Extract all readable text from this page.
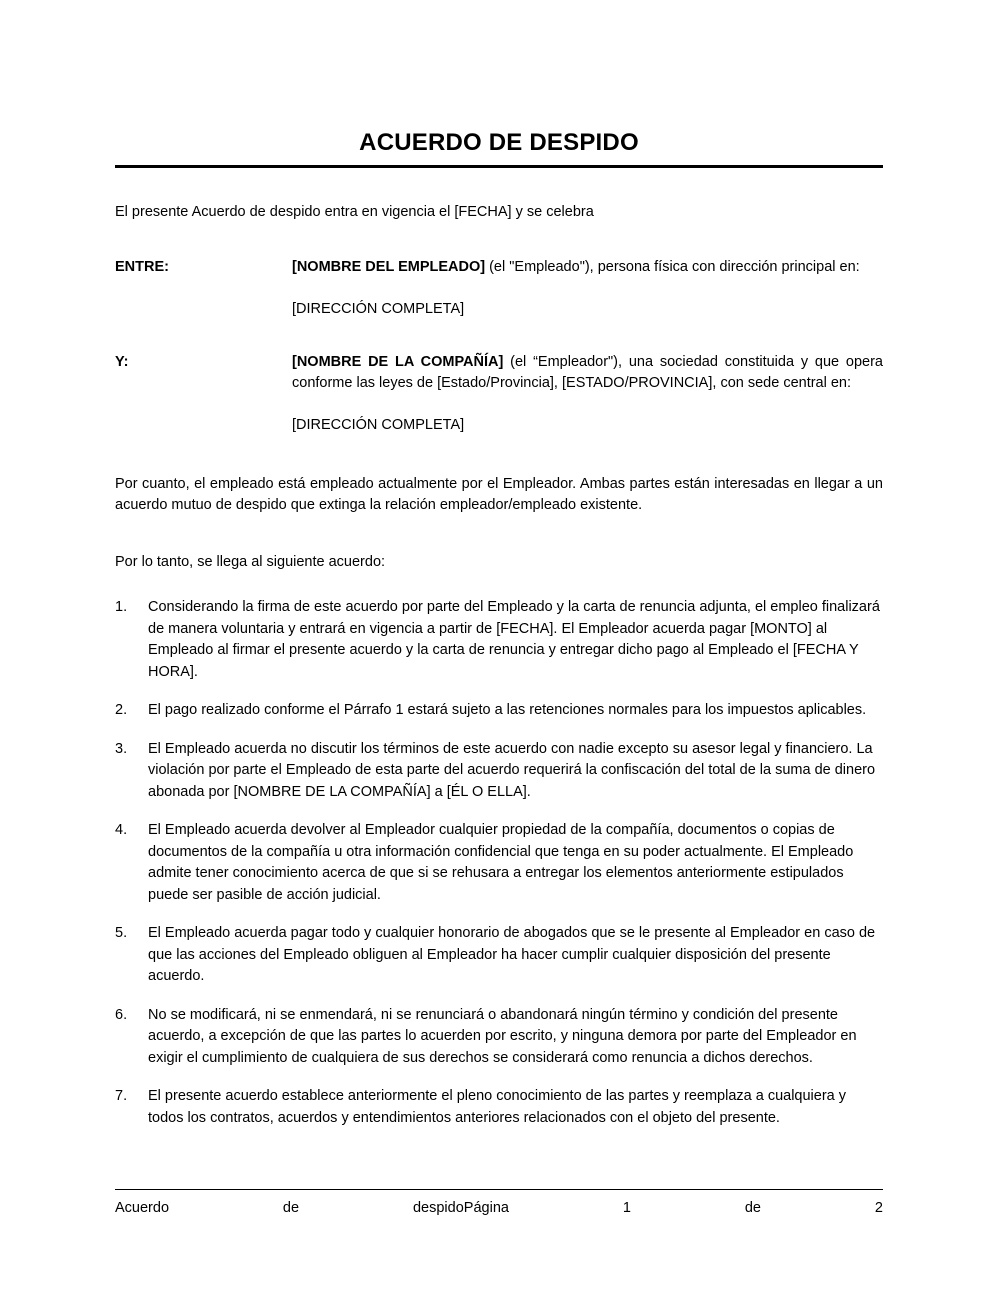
ACUERDO DE DESPIDO

El presente Acuerdo de despido entra en vigencia el [FECHA] y se celebra

ENTRE:	[NOMBRE DEL EMPLEADO] (el "Empleado"), persona física con dirección principal en:
[DIRECCIÓN COMPLETA]
Y:	[NOMBRE DE LA COMPAÑÍA] (el “Empleador"), una sociedad constituida y que opera conforme las leyes de [Estado/Provincia], [ESTADO/PROVINCIA], con sede central en:
[DIRECCIÓN COMPLETA]

Por cuanto, el empleado está empleado actualmente por el Empleador. Ambas partes están interesadas en llegar a un acuerdo mutuo de despido que extinga la relación empleador/empleado existente.

Por lo tanto, se llega al siguiente acuerdo:

1.	Considerando la firma de este acuerdo por parte del Empleado y la carta de renuncia adjunta, el empleo finalizará de manera voluntaria y entrará en vigencia a partir de [FECHA]. El Empleador acuerda pagar [MONTO] al Empleado al firmar el presente acuerdo y la carta de renuncia y entregar dicho pago al Empleado el [FECHA Y HORA].
2.	El pago realizado conforme el Párrafo 1 estará sujeto a las retenciones normales para los impuestos aplicables.
3.	El Empleado acuerda no discutir los términos de este acuerdo con nadie excepto su asesor legal y financiero. La violación por parte el Empleado de esta parte del acuerdo requerirá la confiscación del total de la suma de dinero abonada por [NOMBRE DE LA COMPAÑÍA] a [ÉL O ELLA].
4.	El Empleado acuerda devolver al Empleador cualquier propiedad de la compañía, documentos o copias de documentos de la compañía u otra información confidencial que tenga en su poder actualmente. El Empleado admite tener conocimiento acerca de que si se rehusara a entregar los elementos anteriormente estipulados puede ser pasible de acción judicial.
5.	El Empleado acuerda pagar todo y cualquier honorario de abogados que se le presente al Empleador en caso de que las acciones del Empleado obliguen al Empleador ha hacer cumplir cualquier disposición del presente acuerdo.
6.	No se modificará, ni se enmendará, ni se renunciará o abandonará ningún término y condición del presente acuerdo, a excepción de que las partes lo acuerden por escrito, y ninguna demora por parte del Empleador en exigir el cumplimiento de cualquiera de sus derechos se considerará como renuncia a dichos derechos.
7.	El presente acuerdo establece anteriormente el pleno conocimiento de las partes y reemplaza a cualquiera y todos los contratos, acuerdos y entendimientos anteriores relacionados con el objeto del presente.
Acuerdo de despidoPágina 1 de 2
